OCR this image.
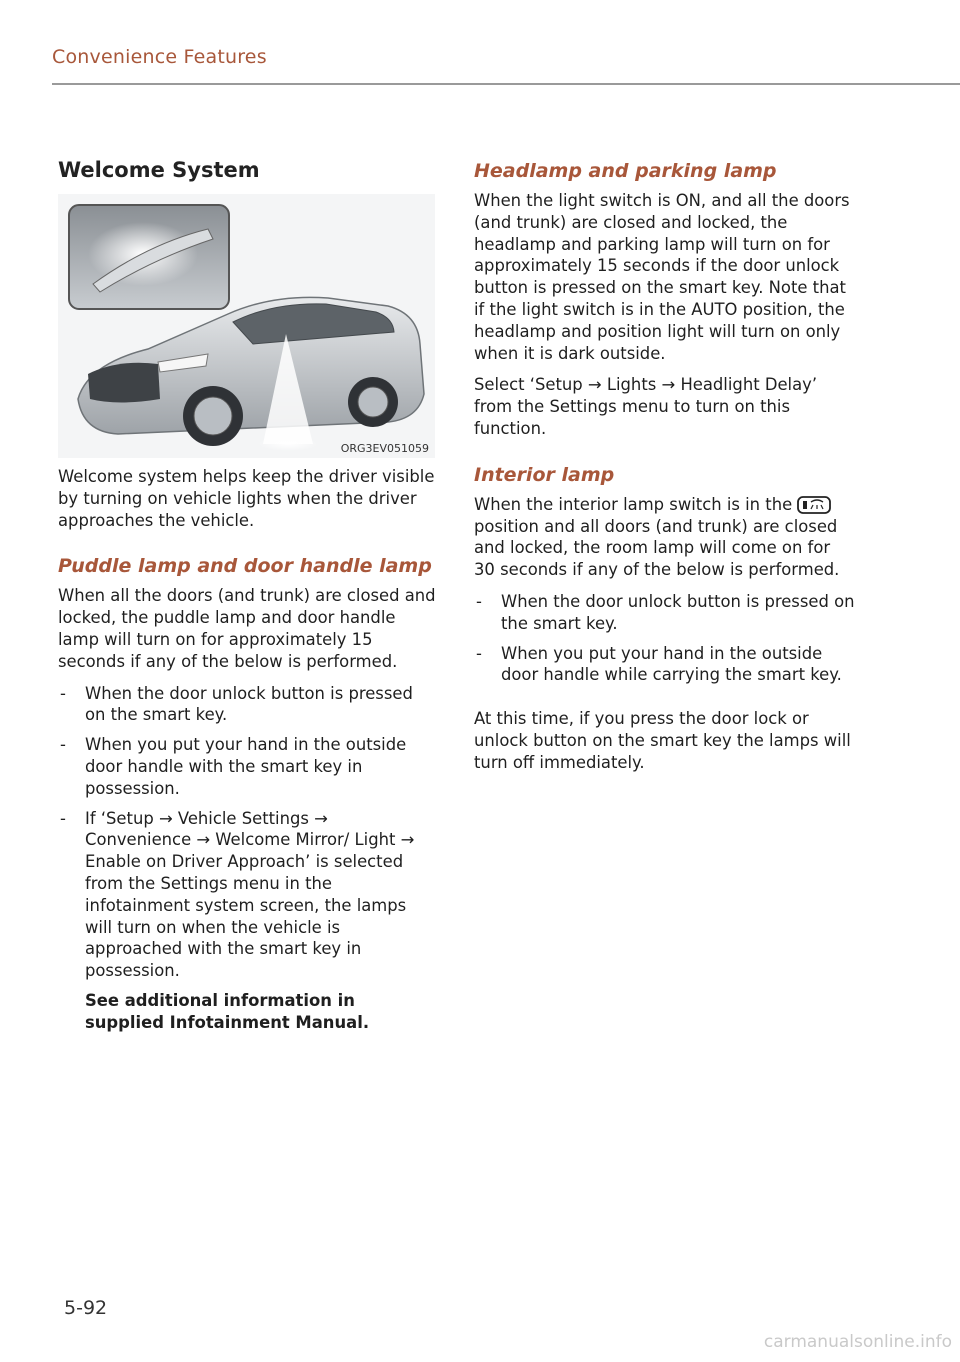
Convenience Features
Welcome System
ORG3EV051059

Welcome system helps keep the driver visible by turning on vehicle lights when the driver approaches the vehicle.

Puddle lamp and door handle lamp

When all the doors (and trunk) are closed and locked, the puddle lamp and door handle lamp will turn on for approximately 15 seconds if any of the below is performed.

- When the door unlock button is pressed on the smart key.
- When you put your hand in the outside door handle with the smart key in possession.
- If ‘Setup → Vehicle Settings → Convenience → Welcome Mirror/ Light → Enable on Driver Approach’ is selected from the Settings menu in the infotainment system screen, the lamps will turn on when the vehicle is approached with the smart key in possession.
See additional information in supplied Infotainment Manual.
Headlamp and parking lamp

When the light switch is ON, and all the doors (and trunk) are closed and locked, the headlamp and parking lamp will turn on for approximately 15 seconds if the door unlock button is pressed on the smart key. Note that if the light switch is in the AUTO position, the headlamp and position light will turn on only when it is dark outside.

Select ‘Setup → Lights → Headlight Delay’ from the Settings menu to turn on this function.

Interior lamp

When the interior lamp switch is in the position and all doors (and trunk) are closed and locked, the room lamp will come on for 30 seconds if any of the below is performed.

- When the door unlock button is pressed on the smart key.
- When you put your hand in the outside door handle while carrying the smart key.

At this time, if you press the door lock or unlock button on the smart key the lamps will turn off immediately.

5-92
carmanualsonline.info
